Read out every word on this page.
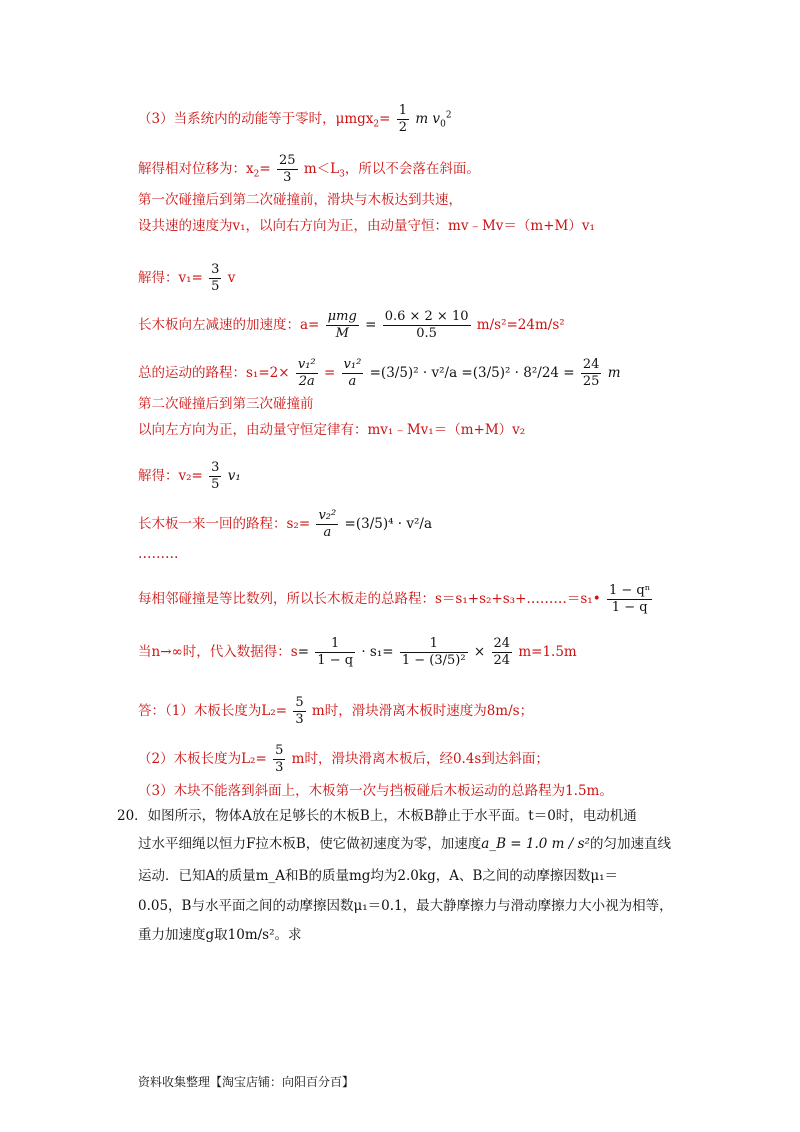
（3）当系统内的动能等于零时，$\mu mgx_2= \frac{1}{2}$ m $v_0^2$
解得相对位移为：$x_2= \frac{25}{3} m<L_3$，所以不会落在斜面。
第一次碰撞后到第二次碰撞前，滑块与木板达到共速，
设共速的速度为v₁，以向右方向为正，由动量守恒：mv﹣Mv＝（m+M）v₁
解得：$v_1= \frac{3}{5}$ v
长木板向左减速的加速度：$a= \frac{\text{μmg}}{M} = \frac{0.6 \times 2 \times 10}{0.5} m/s^2=24m/s^2$
总的运动的路程：$s_1=2\times \frac{\text{v₁²}}{2a} = \frac{\text{v₁²}}{a} =(3/5)^2 \cdot v^2/a =(3/5)^2 \cdot 8^2/24 = \frac{24}{25}$ m
第二次碰撞后到第三次碰撞前
以向左方向为正，由动量守恒定律有：mv₁﹣Mv₁＝（m+M）v₂
解得：$v_2= \frac{3}{5} v_1$
长木板一来一回的路程：$s_2= \frac{\text{v₂²}}{a} =(3/5)^4 \cdot v^2/a$
………
每相邻碰撞是等比数列，所以长木板走的总路程：s＝s₁+s₂+s₃+………＝s₁• $\frac{\text{1 − qⁿ}}{1 - q}$
当n→∞时，代入数据得：$s= \frac{1}{1 - q} \cdot s_1= \frac{1}{\text{1 − (3/5)²}} \times \frac{24}{24} m=1.5m$
答：（1）木板长度为$L_2= \frac{5}{3}$ m时，滑块滑离木板时速度为8m/s；
（2）木板长度为$L_2= \frac{5}{3}$ m时，滑块滑离木板后，经0.4s到达斜面；
（3）木块不能落到斜面上，木板第一次与挡板碰后木板运动的总路程为1.5m。
20．如图所示，物体A放在足够长的木板B上，木板B静止于水平面。t＝0时，电动机通
过水平细绳以恒力F拉木板B，使它做初速度为零，加速度a_B = 1.0 m / s²的匀加速直线
运动．已知A的质量m_A和B的质量mg均为2.0kg，A、B之间的动摩擦因数μ₁＝
0.05，B与水平面之间的动摩擦因数μ₁＝0.1，最大静摩擦力与滑动摩擦力大小视为相等，
重力加速度g取10m/s²。求
资料收集整理【淘宝店铺：向阳百分百】
